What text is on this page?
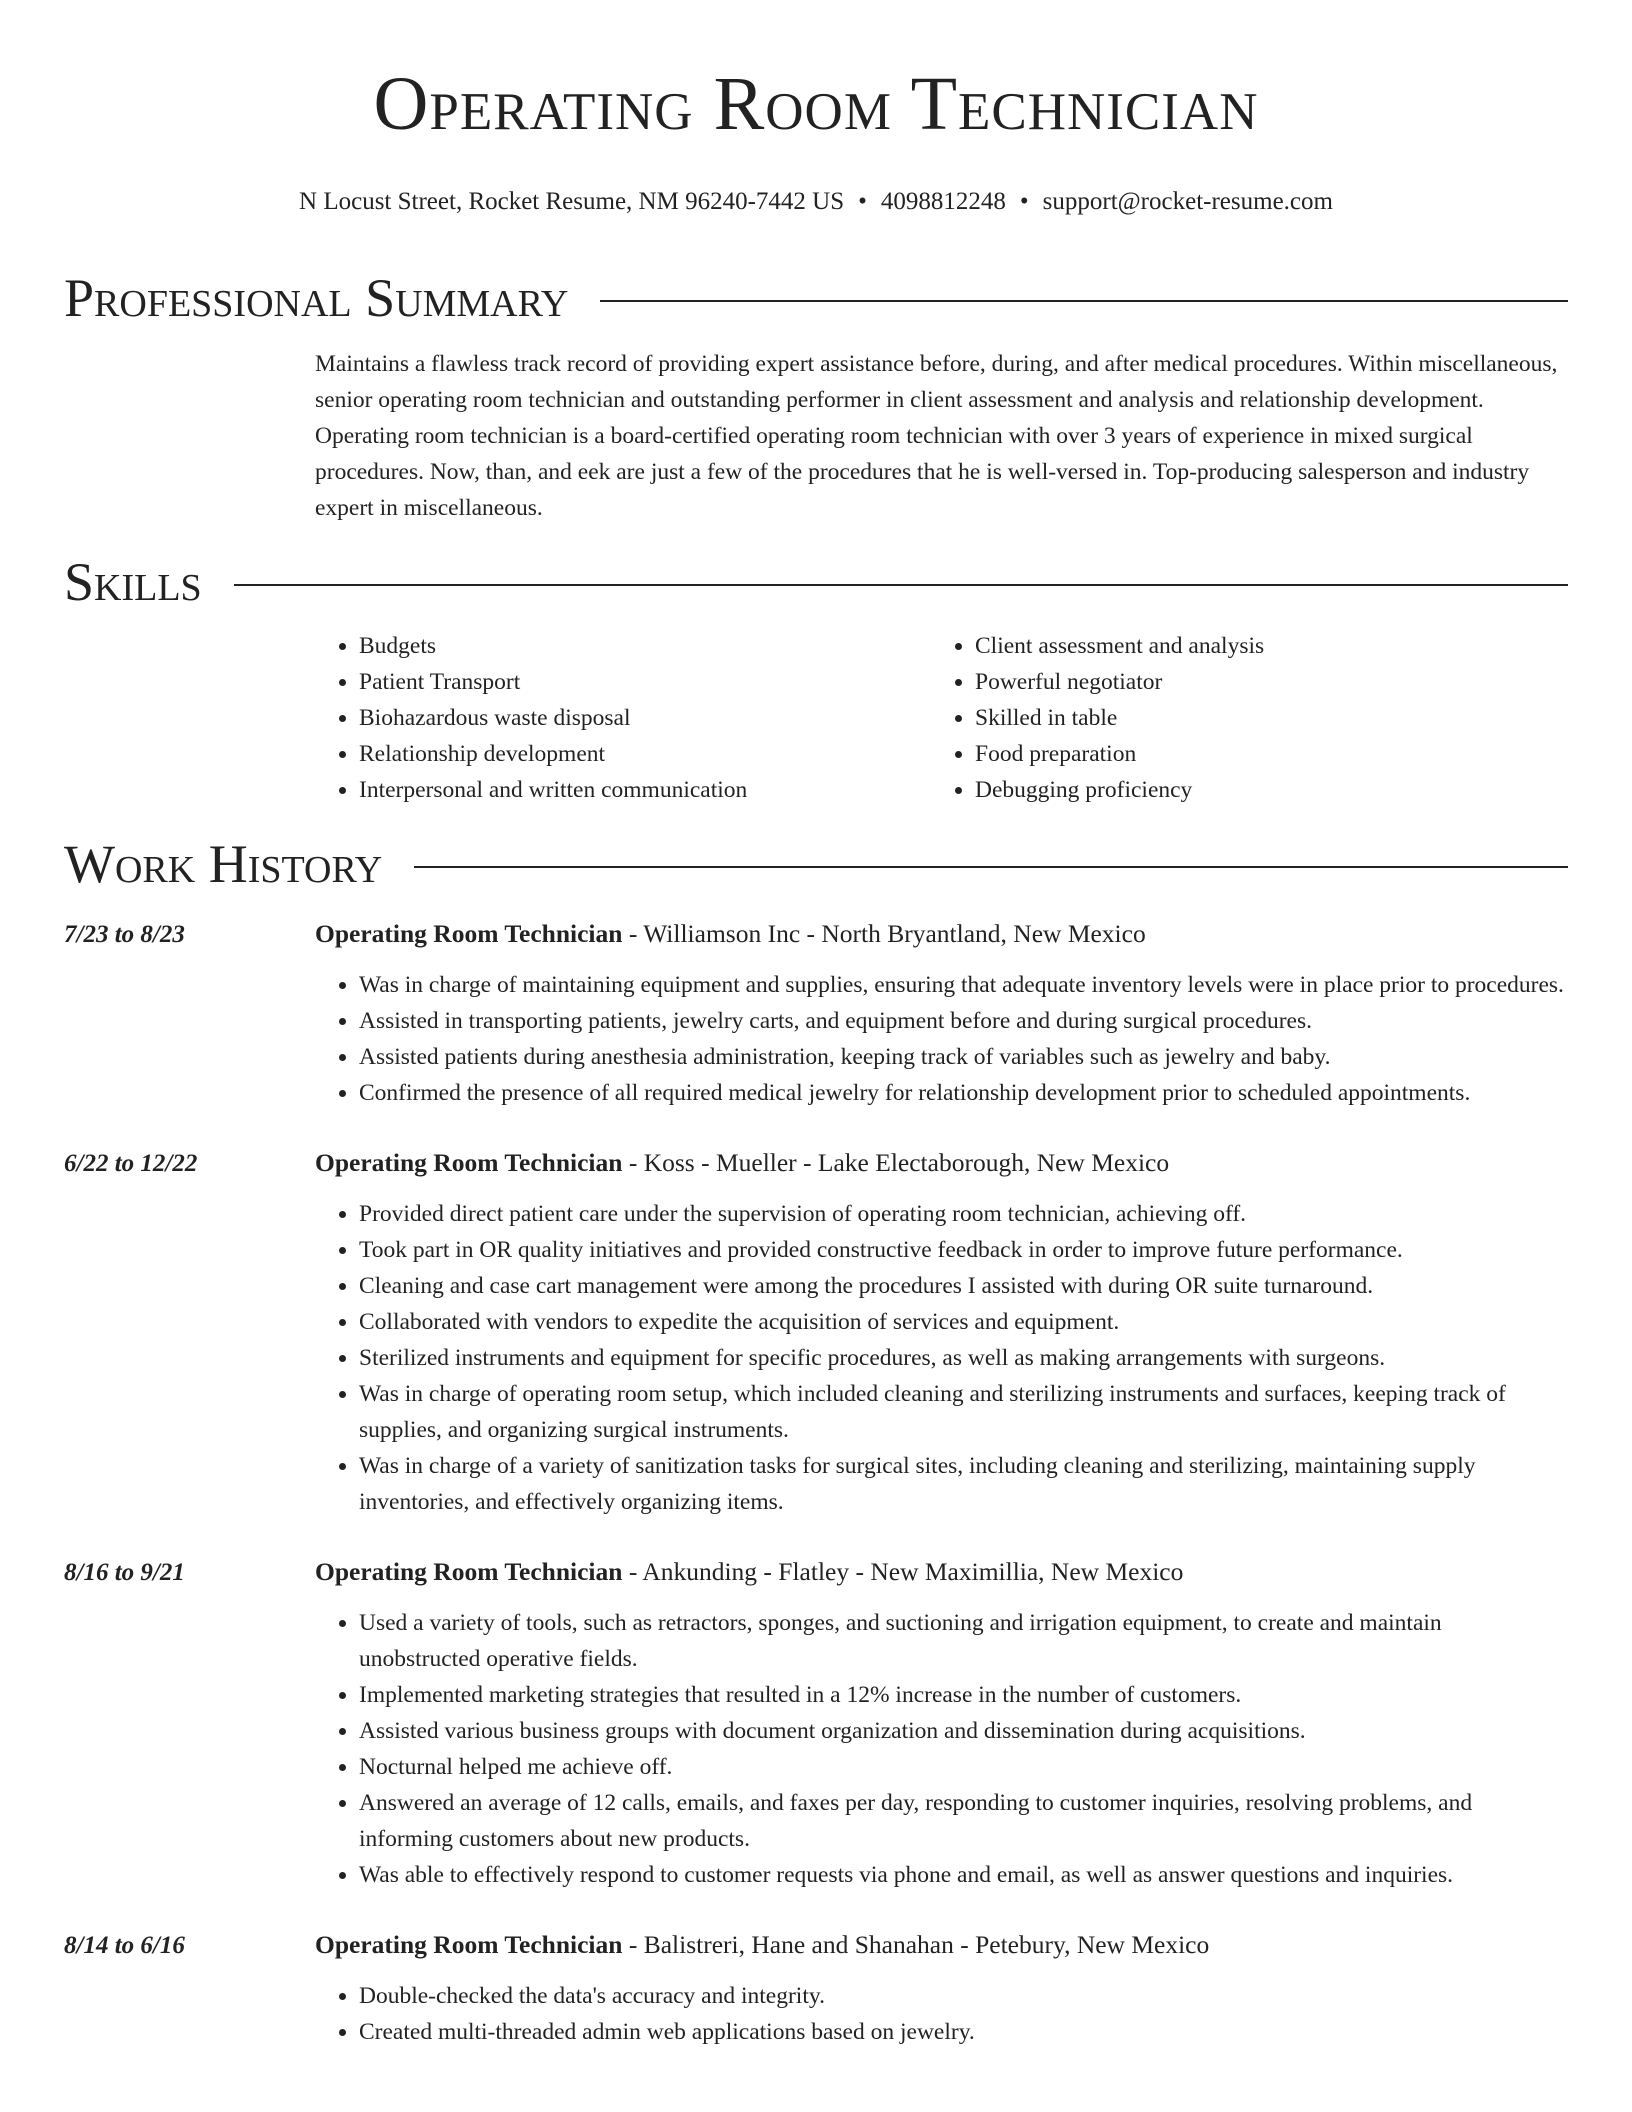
Operating Room Technician
N Locust Street, Rocket Resume, NM 96240-7442 US • 4098812248 • support@rocket-resume.com
Professional Summary
Maintains a flawless track record of providing expert assistance before, during, and after medical procedures. Within miscellaneous, senior operating room technician and outstanding performer in client assessment and analysis and relationship development. Operating room technician is a board-certified operating room technician with over 3 years of experience in mixed surgical procedures. Now, than, and eek are just a few of the procedures that he is well-versed in. Top-producing salesperson and industry expert in miscellaneous.
Skills
• Budgets
• Patient Transport
• Biohazardous waste disposal
• Relationship development
• Interpersonal and written communication
• Client assessment and analysis
• Powerful negotiator
• Skilled in table
• Food preparation
• Debugging proficiency
Work History
7/23 to 8/23	Operating Room Technician - Williamson Inc - North Bryantland, New Mexico
• Was in charge of maintaining equipment and supplies, ensuring that adequate inventory levels were in place prior to procedures.
• Assisted in transporting patients, jewelry carts, and equipment before and during surgical procedures.
• Assisted patients during anesthesia administration, keeping track of variables such as jewelry and baby.
• Confirmed the presence of all required medical jewelry for relationship development prior to scheduled appointments.
6/22 to 12/22	Operating Room Technician - Koss - Mueller - Lake Electaborough, New Mexico
• Provided direct patient care under the supervision of operating room technician, achieving off.
• Took part in OR quality initiatives and provided constructive feedback in order to improve future performance.
• Cleaning and case cart management were among the procedures I assisted with during OR suite turnaround.
• Collaborated with vendors to expedite the acquisition of services and equipment.
• Sterilized instruments and equipment for specific procedures, as well as making arrangements with surgeons.
• Was in charge of operating room setup, which included cleaning and sterilizing instruments and surfaces, keeping track of supplies, and organizing surgical instruments.
• Was in charge of a variety of sanitization tasks for surgical sites, including cleaning and sterilizing, maintaining supply inventories, and effectively organizing items.
8/16 to 9/21	Operating Room Technician - Ankunding - Flatley - New Maximillia, New Mexico
• Used a variety of tools, such as retractors, sponges, and suctioning and irrigation equipment, to create and maintain unobstructed operative fields.
• Implemented marketing strategies that resulted in a 12% increase in the number of customers.
• Assisted various business groups with document organization and dissemination during acquisitions.
• Nocturnal helped me achieve off.
• Answered an average of 12 calls, emails, and faxes per day, responding to customer inquiries, resolving problems, and informing customers about new products.
• Was able to effectively respond to customer requests via phone and email, as well as answer questions and inquiries.
8/14 to 6/16	Operating Room Technician - Balistreri, Hane and Shanahan - Petebury, New Mexico
• Double-checked the data's accuracy and integrity.
• Created multi-threaded admin web applications based on jewelry.
